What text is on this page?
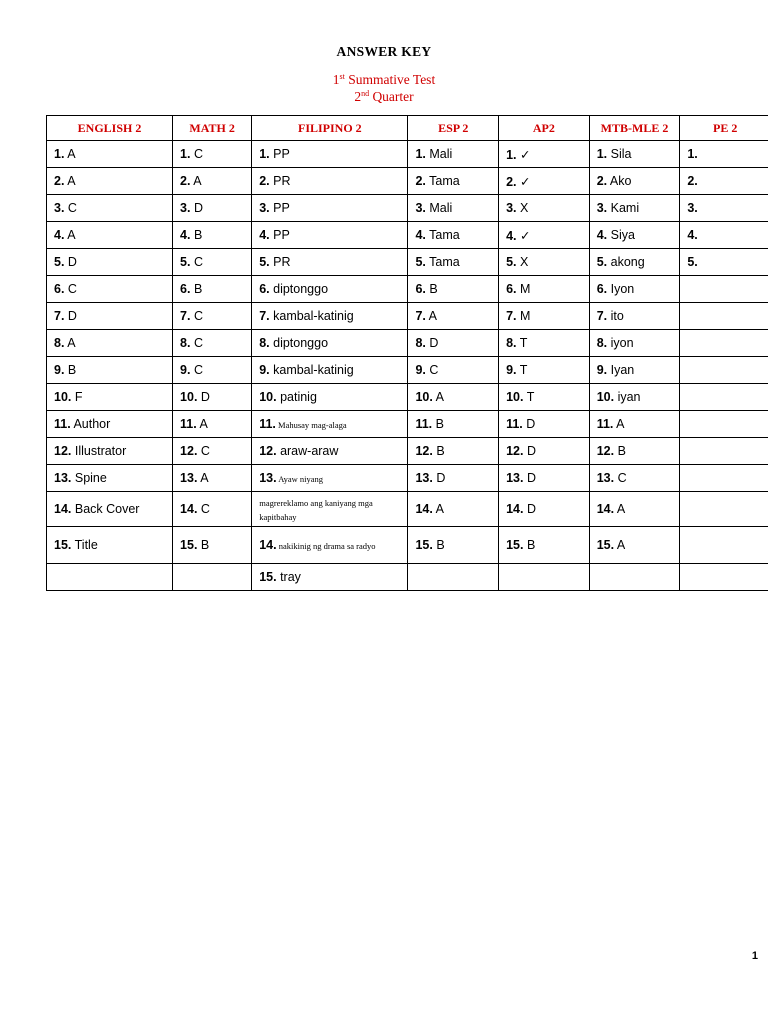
ANSWER KEY
1st Summative Test
2nd Quarter
ENGLISH 2	MATH 2	FILIPINO 2	ESP 2	AP2	MTB-MLE 2	PE 2
1. A	1. C	1. PP	1. Mali	1. ✓	1. Sila	1.
2. A	2. A	2. PR	2. Tama	2. ✓	2. Ako	2.
3. C	3. D	3. PP	3. Mali	3. X	3. Kami	3.
4. A	4. B	4. PP	4. Tama	4. ✓	4. Siya	4.
5. D	5. C	5. PR	5. Tama	5. X	5. akong	5.
6. C	6. B	6. diptonggo	6. B	6. M	6. Iyon	
7. D	7. C	7. kambal-katinig	7. A	7. M	7. ito	
8. A	8. C	8. diptonggo	8. D	8. T	8. iyon	
9. B	9. C	9. kambal-katinig	9. C	9. T	9. Iyan	
10. F	10. D	10. patinig	10. A	10. T	10. iyan	
11. Author	11. A	11. Mahusay mag-alaga	11. B	11. D	11. A	
12. Illustrator	12. C	12. araw-araw	12. B	12. D	12. B	
13. Spine	13. A	13. Ayaw niyang	13. D	13. D	13. C	
14. Back Cover	14. C	magrereklamo ang kaniyang mga kapitbahay	14. A	14. D	14. A	
15. Title	15. B	14. nakikinig ng drama sa radyo	15. B	15. B	15. A	
		15. tray				
1
